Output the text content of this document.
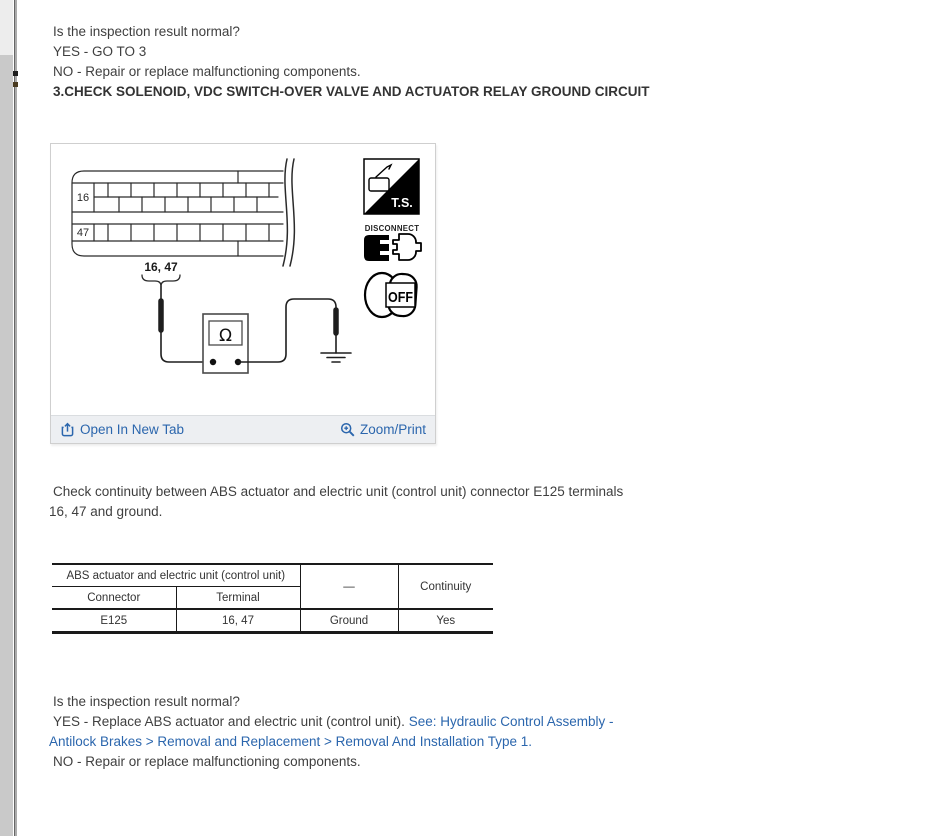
Is the inspection result normal?
YES - GO TO 3
NO - Repair or replace malfunctioning components.
3.CHECK SOLENOID, VDC SWITCH-OVER VALVE AND ACTUATOR RELAY GROUND CIRCUIT
16
47
16, 47
Ω
T.S.
DISCONNECT
OFF
Open In New Tab	Zoom/Print
Check continuity between ABS actuator and electric unit (control unit) connector E125 terminals
16, 47 and ground.
ABS actuator and electric unit (control unit)		—	Continuity
Connector	Terminal		
E125	16, 47	Ground	Yes
Is the inspection result normal?
YES - Replace ABS actuator and electric unit (control unit). See: Hydraulic Control Assembly -
Antilock Brakes > Removal and Replacement > Removal And Installation Type 1.
NO - Repair or replace malfunctioning components.
